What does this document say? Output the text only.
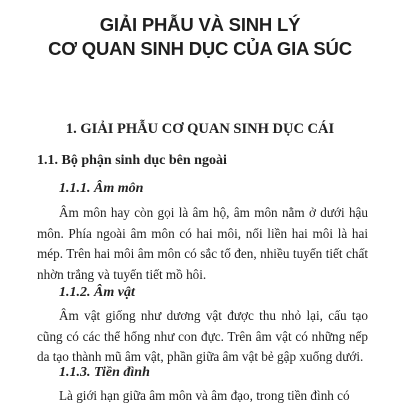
GIẢI PHẪU VÀ SINH LÝ
CƠ QUAN SINH DỤC CỦA GIA SÚC
1. GIẢI PHẪU CƠ QUAN SINH DỤC CÁI
1.1. Bộ phận sinh dục bên ngoài
1.1.1. Âm môn

Âm môn hay còn gọi là âm hộ, âm môn nằm ở dưới hậu môn. Phía ngoài âm môn có hai môi, nối liền hai môi là hai mép. Trên hai môi âm môn có sắc tố đen, nhiều tuyến tiết chất nhờn trắng và tuyến tiết mồ hôi.

1.1.2. Âm vật

Âm vật giống như dương vật được thu nhỏ lại, cấu tạo cũng có các thể hổng như con đực. Trên âm vật có những nếp da tạo thành mũ âm vật, phần giữa âm vật bẻ gập xuống dưới.

1.1.3. Tiền đình

Là giới hạn giữa âm môn và âm đạo, trong tiền đình có
